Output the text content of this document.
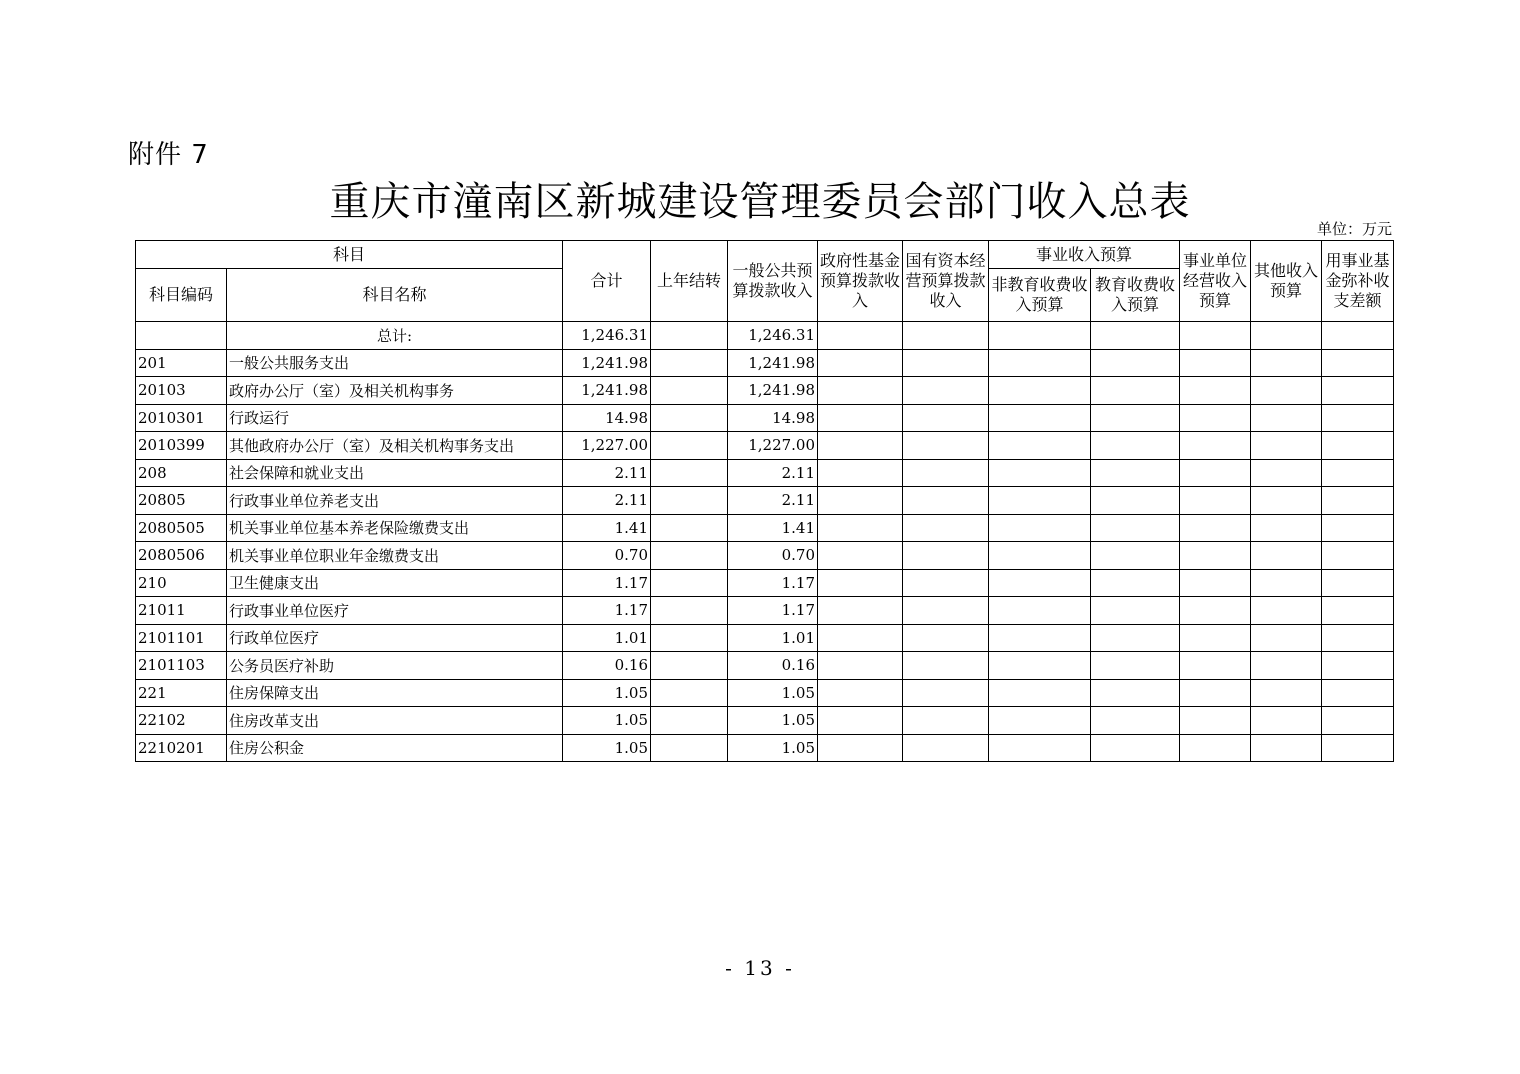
附件 7
重庆市潼南区新城建设管理委员会部门收入总表
单位：万元
科目		合计	上年结转	一般公共预算拨款收入	政府性基金预算拨款收入	国有资本经营预算拨款收入	事业收入预算		事业单位经营收入预算	其他收入预算	用事业基金弥补收支差额
科目编码	科目名称						非教育收费收入预算	教育收费收入预算			
	总计:	1,246.31		1,246.31							
201	一般公共服务支出	1,241.98		1,241.98							
20103	政府办公厅（室）及相关机构事务	1,241.98		1,241.98							
2010301	行政运行	14.98		14.98							
2010399	其他政府办公厅（室）及相关机构事务支出	1,227.00		1,227.00							
208	社会保障和就业支出	2.11		2.11							
20805	行政事业单位养老支出	2.11		2.11							
2080505	机关事业单位基本养老保险缴费支出	1.41		1.41							
2080506	机关事业单位职业年金缴费支出	0.70		0.70							
210	卫生健康支出	1.17		1.17							
21011	行政事业单位医疗	1.17		1.17							
2101101	行政单位医疗	1.01		1.01							
2101103	公务员医疗补助	0.16		0.16							
221	住房保障支出	1.05		1.05							
22102	住房改革支出	1.05		1.05							
2210201	住房公积金	1.05		1.05							
- 13 -
